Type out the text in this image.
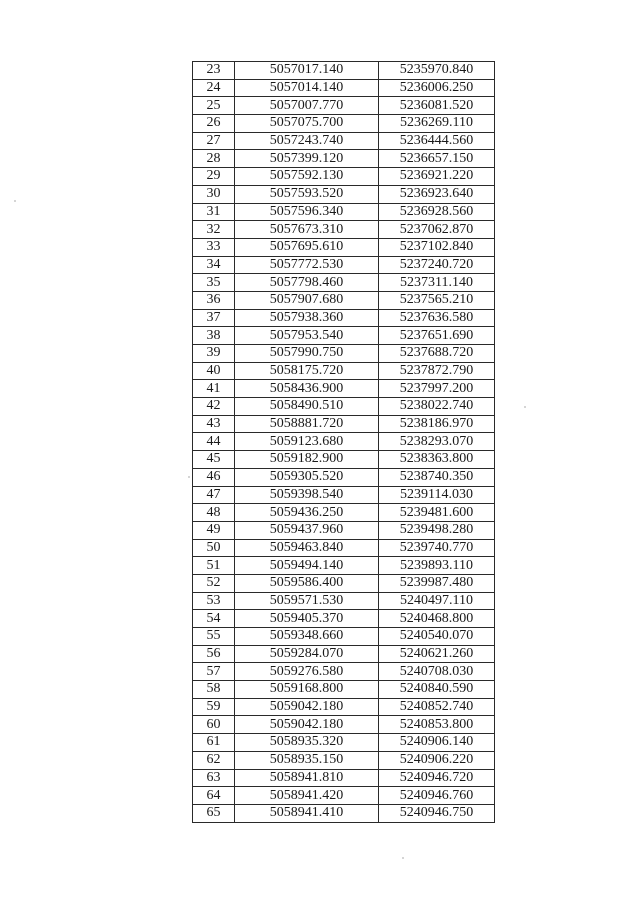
23	5057017.140	5235970.840
24	5057014.140	5236006.250
25	5057007.770	5236081.520
26	5057075.700	5236269.110
27	5057243.740	5236444.560
28	5057399.120	5236657.150
29	5057592.130	5236921.220
30	5057593.520	5236923.640
31	5057596.340	5236928.560
32	5057673.310	5237062.870
33	5057695.610	5237102.840
34	5057772.530	5237240.720
35	5057798.460	5237311.140
36	5057907.680	5237565.210
37	5057938.360	5237636.580
38	5057953.540	5237651.690
39	5057990.750	5237688.720
40	5058175.720	5237872.790
41	5058436.900	5237997.200
42	5058490.510	5238022.740
43	5058881.720	5238186.970
44	5059123.680	5238293.070
45	5059182.900	5238363.800
46	5059305.520	5238740.350
47	5059398.540	5239114.030
48	5059436.250	5239481.600
49	5059437.960	5239498.280
50	5059463.840	5239740.770
51	5059494.140	5239893.110
52	5059586.400	5239987.480
53	5059571.530	5240497.110
54	5059405.370	5240468.800
55	5059348.660	5240540.070
56	5059284.070	5240621.260
57	5059276.580	5240708.030
58	5059168.800	5240840.590
59	5059042.180	5240852.740
60	5059042.180	5240853.800
61	5058935.320	5240906.140
62	5058935.150	5240906.220
63	5058941.810	5240946.720
64	5058941.420	5240946.760
65	5058941.410	5240946.750
